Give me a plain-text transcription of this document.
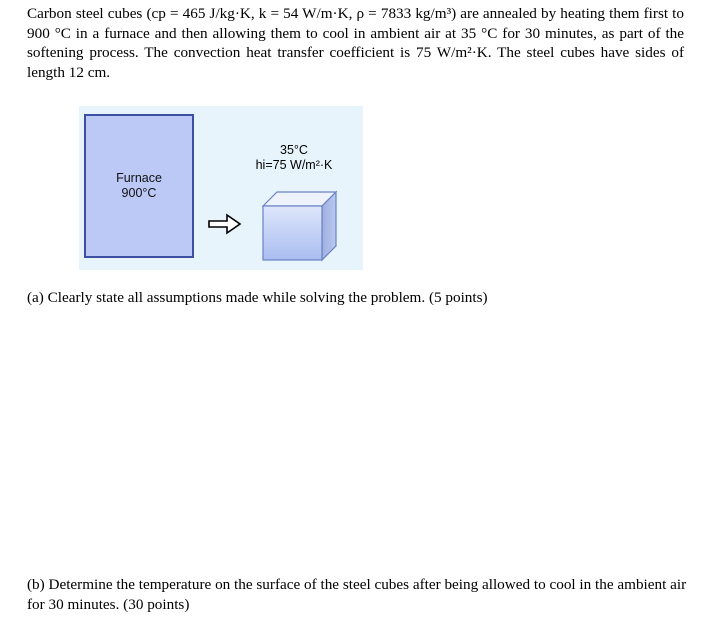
Carbon steel cubes (cp = 465 J/kg·K, k = 54 W/m·K, ρ = 7833 kg/m³) are annealed by heating them first to 900 °C in a furnace and then allowing them to cool in ambient air at 35 °C for 30 minutes, as part of the softening process. The convection heat transfer coefficient is 75 W/m²·K. The steel cubes have sides of length 12 cm.

Furnace
900°C
35°C
hi=75 W/m²·K

(a) Clearly state all assumptions made while solving the problem. (5 points)

(b) Determine the temperature on the surface of the steel cubes after being allowed to cool in the ambient air for 30 minutes. (30 points)
